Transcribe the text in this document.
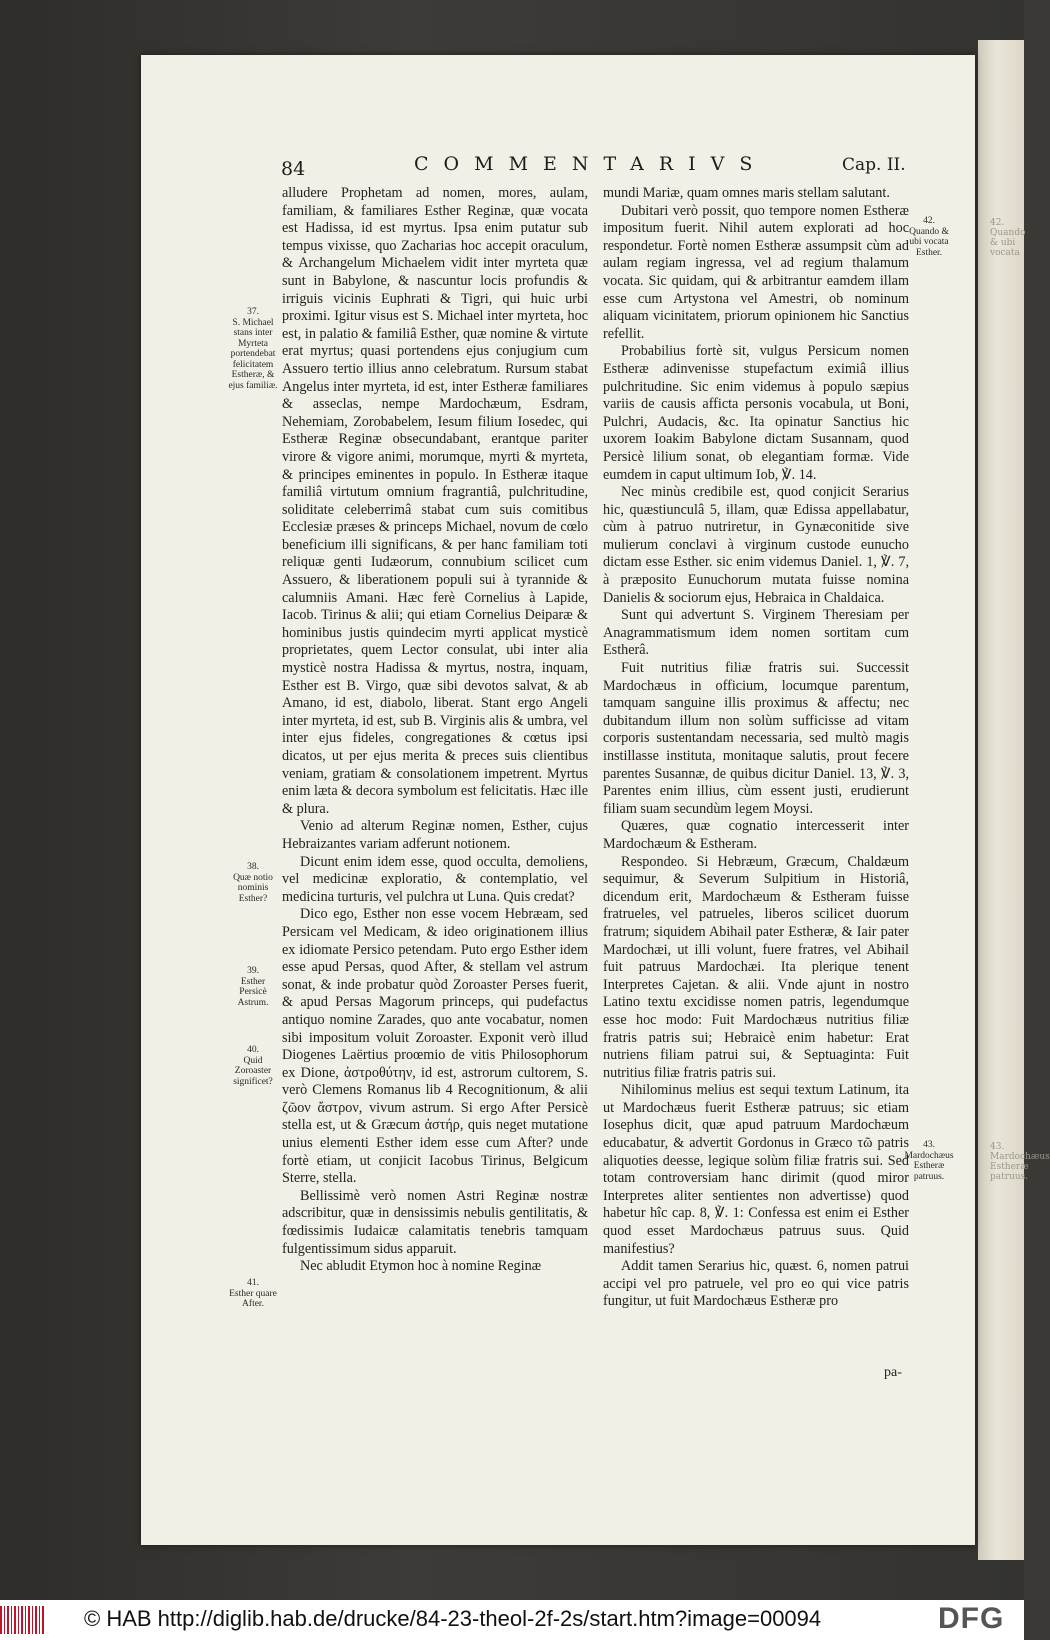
42. Quando & ubi vocata
43. Mardochæus Estheræ patruus.
84	COMMENTARIVS	Cap. II.

alludere Prophetam ad nomen, mores, aulam, familiam, & familiares Esther Reginæ, quæ vocata est Hadissa, id est myrtus. Ipsa enim putatur sub tempus vixisse, quo Zacharias hoc accepit oraculum, & Archangelum Michaelem vidit inter myrteta quæ sunt in Babylone, & nascuntur locis profundis & irriguis vicinis Euphrati & Tigri, qui huic urbi proximi. Igitur visus est S. Michael inter myrteta, hoc est, in palatio & familiâ Esther, quæ nomine & virtute erat myrtus; quasi portendens ejus conjugium cum Assuero tertio illius anno celebratum. Rursum stabat Angelus inter myrteta, id est, inter Estheræ familiares & asseclas, nempe Mardochæum, Esdram, Nehemiam, Zorobabelem, Iesum filium Iosedec, qui Estheræ Reginæ obsecundabant, erantque pariter virore & vigore animi, morumque, myrti & myrteta, & principes eminentes in populo. In Estheræ itaque familiâ virtutum omnium fragrantiâ, pulchritudine, soliditate celeberrimâ stabat cum suis comitibus Ecclesiæ præses & princeps Michael, novum de cœlo beneficium illi significans, & per hanc familiam toti reliquæ genti Iudæorum, connubium scilicet cum Assuero, & liberationem populi sui à tyrannide & calumniis Amani. Hæc ferè Cornelius à Lapide, Iacob. Tirinus & alii; qui etiam Cornelius Deiparæ & hominibus justis quindecim myrti applicat mysticè proprietates, quem Lector consulat, ubi inter alia mysticè nostra Hadissa & myrtus, nostra, inquam, Esther est B. Virgo, quæ sibi devotos salvat, & ab Amano, id est, diabolo, liberat. Stant ergo Angeli inter myrteta, id est, sub B. Virginis alis & umbra, vel inter ejus fideles, congregationes & cœtus ipsi dicatos, ut per ejus merita & preces suis clientibus veniam, gratiam & consolationem impetrent. Myrtus enim læta & decora symbolum est felicitatis. Hæc ille & plura.

Venio ad alterum Reginæ nomen, Esther, cujus Hebraizantes variam adferunt notionem.

Dicunt enim idem esse, quod occulta, demoliens, vel medicinæ exploratio, & contemplatio, vel medicina turturis, vel pulchra ut Luna. Quis credat?

Dico ego, Esther non esse vocem Hebræam, sed Persicam vel Medicam, & ideo originationem illius ex idiomate Persico petendam. Puto ergo Esther idem esse apud Persas, quod After, & stellam vel astrum sonat, & inde probatur quòd Zoroaster Perses fuerit, & apud Persas Magorum princeps, qui pudefactus antiquo nomine Zarades, quo ante vocabatur, nomen sibi impositum voluit Zoroaster. Exponit verò illud Diogenes Laërtius proœmio de vitis Philosophorum ex Dione, ἀστροθύτην, id est, astrorum cultorem, S. verò Clemens Romanus lib 4 Recognitionum, & alii ζῶον ἄστρον, vivum astrum. Si ergo After Persicè stella est, ut & Græcum ἀστήρ, quis neget mutatione unius elementi Esther idem esse cum After? unde fortè etiam, ut conjicit Iacobus Tirinus, Belgicum Sterre, stella.

Bellissimè verò nomen Astri Reginæ nostræ adscribitur, quæ in densissimis nebulis gentilitatis, & fœdissimis Iudaicæ calamitatis tenebris tamquam fulgentissimum sidus apparuit.

Nec abludit Etymon hoc à nomine Reginæ

mundi Mariæ, quam omnes maris stellam salutant.

Dubitari verò possit, quo tempore nomen Estheræ impositum fuerit. Nihil autem explorati ad hoc respondetur. Fortè nomen Estheræ assumpsit cùm ad aulam regiam ingressa, vel ad regium thalamum vocata. Sic quidam, qui & arbitrantur eamdem illam esse cum Artystona vel Amestri, ob nominum aliquam vicinitatem, priorum opinionem hic Sanctius refellit.

Probabilius fortè sit, vulgus Persicum nomen Estheræ adinvenisse stupefactum eximiâ illius pulchritudine. Sic enim videmus à populo sæpius variis de causis afficta personis vocabula, ut Boni, Pulchri, Audacis, &c. Ita opinatur Sanctius hic uxorem Ioakim Babylone dictam Susannam, quod Persicè lilium sonat, ob elegantiam formæ. Vide eumdem in caput ultimum Iob, ℣. 14.

Nec minùs credibile est, quod conjicit Serarius hic, quæstiunculâ 5, illam, quæ Edissa appellabatur, cùm à patruo nutriretur, in Gynæconitide sive mulierum conclavi à virginum custode eunucho dictam esse Esther. sic enim videmus Daniel. 1, ℣. 7, à præposito Eunuchorum mutata fuisse nomina Danielis & sociorum ejus, Hebraica in Chaldaica.

Sunt qui advertunt S. Virginem Theresiam per Anagrammatismum idem nomen sortitam cum Estherâ.

Fuit nutritius filiæ fratris sui. Successit Mardochæus in officium, locumque parentum, tamquam sanguine illis proximus & affectu; nec dubitandum illum non solùm sufficisse ad vitam corporis sustentandam necessaria, sed multò magis instillasse instituta, monitaque salutis, prout fecere parentes Susannæ, de quibus dicitur Daniel. 13, ℣. 3, Parentes enim illius, cùm essent justi, erudierunt filiam suam secundùm legem Moysi.

Quæres, quæ cognatio intercesserit inter Mardochæum & Estheram.

Respondeo. Si Hebræum, Græcum, Chaldæum sequimur, & Severum Sulpitium in Historiâ, dicendum erit, Mardochæum & Estheram fuisse fratrueles, vel patrueles, liberos scilicet duorum fratrum; siquidem Abihail pater Estheræ, & Iair pater Mardochæi, ut illi volunt, fuere fratres, vel Abihail fuit patruus Mardochæi. Ita plerique tenent Interpretes Cajetan. & alii. Vnde ajunt in nostro Latino textu excidisse nomen patris, legendumque esse hoc modo: Fuit Mardochæus nutritius filiæ fratris patris sui; Hebraicè enim habetur: Erat nutriens filiam patrui sui, & Septuaginta: Fuit nutritius filiæ fratris patris sui.

Nihilominus melius est sequi textum Latinum, ita ut Mardochæus fuerit Estheræ patruus; sic etiam Iosephus dicit, quæ apud patruum Mardochæum educabatur, & advertit Gordonus in Græco τῶ patris aliquoties deesse, legique solùm filiæ fratris sui. Sed totam controversiam hanc dirimit (quod miror Interpretes aliter sentientes non advertisse) quod habetur hîc cap. 8, ℣. 1: Confessa est enim ei Esther quod esset Mardochæus patruus suus. Quid manifestius?

Addit tamen Serarius hic, quæst. 6, nomen patrui accipi vel pro patruele, vel pro eo qui vice patris fungitur, ut fuit Mardochæus Estheræ pro

pa-
37.
S. Michael stans inter Myrteta portendebat felicitatem Estheræ, & ejus familiæ.
38.
Quæ notio nominis Esther?
39.
Esther Persicè Astrum.
40.
Quid Zoroaster significet?
41.
Esther quare After.
42.
Quando & ubi vocata Esther.
43.
Mardochæus Estheræ patruus.
© HAB http://diglib.hab.de/drucke/84-23-theol-2f-2s/start.htm?image=00094	DFG
